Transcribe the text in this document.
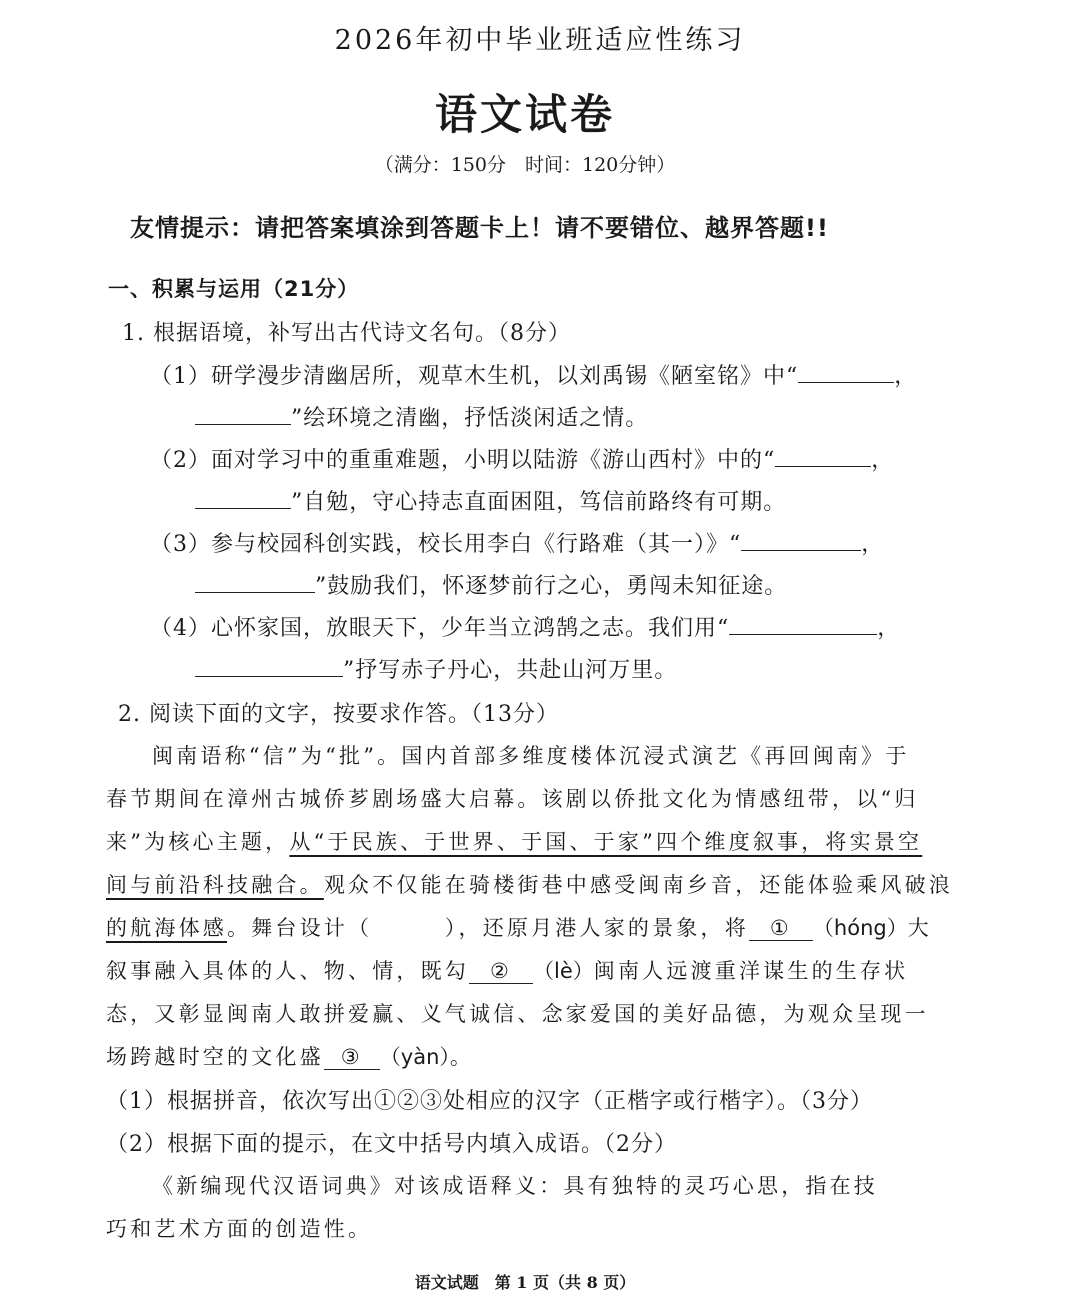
2026年初中毕业班适应性练习
语文试卷
（满分：150分　时间：120分钟）
友情提示：请把答案填涂到答题卡上！请不要错位、越界答题!!
一、积累与运用（21分）
1. 根据语境，补写出古代诗文名句。（8分）
（1）研学漫步清幽居所，观草木生机，以刘禹锡《陋室铭》中“	，
”绘环境之清幽，抒恬淡闲适之情。
（2）面对学习中的重重难题，小明以陆游《游山西村》中的“	，
”自勉，守心持志直面困阻，笃信前路终有可期。
（3）参与校园科创实践，校长用李白《行路难（其一）》“	，
”鼓励我们，怀逐梦前行之心，勇闯未知征途。
（4）心怀家国，放眼天下，少年当立鸿鹄之志。我们用“	，
”抒写赤子丹心，共赴山河万里。
2. 阅读下面的文字，按要求作答。（13分）
闽南语称“信”为“批”。国内首部多维度楼体沉浸式演艺《再回闽南》于
春节期间在漳州古城侨芗剧场盛大启幕。该剧以侨批文化为情感纽带，以“归
来”为核心主题，从“于民族、于世界、于国、于家”四个维度叙事，将实景空
间与前沿科技融合。观众不仅能在骑楼街巷中感受闽南乡音，还能体验乘风破浪
的航海体感。舞台设计（　　　），还原月港人家的景象，将 ① （hóng）大
叙事融入具体的人、物、情，既勾 ② （lè）闽南人远渡重洋谋生的生存状
态，又彰显闽南人敢拼爱赢、义气诚信、念家爱国的美好品德，为观众呈现一
场跨越时空的文化盛 ③ （yàn）。
（1）根据拼音，依次写出①②③处相应的汉字（正楷字或行楷字）。（3分）
（2）根据下面的提示，在文中括号内填入成语。（2分）
《新编现代汉语词典》对该成语释义：具有独特的灵巧心思，指在技
巧和艺术方面的创造性。
语文试题　第 1 页（共 8 页）
